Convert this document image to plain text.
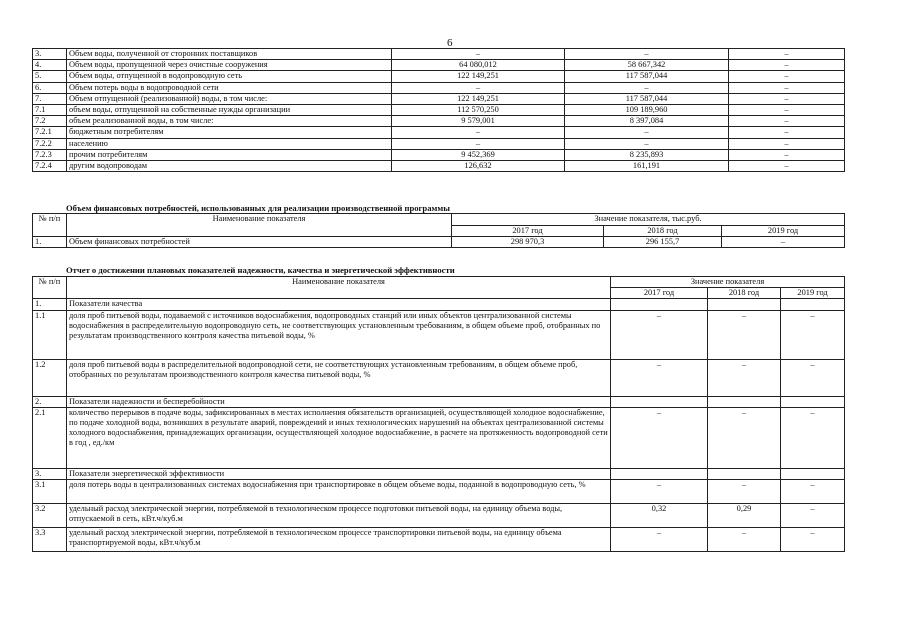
6
3.	Объем воды, полученной от сторонних поставщиков	–	–	–
4.	Объем воды, пропущенной через очистные сооружения	64 080,012	58 667,342	–
5.	Объем воды, отпущенной в водопроводную сеть	122 149,251	117 587,044	–
6.	Объем потерь воды в водопроводной сети	–	–	–
7.	Объем отпущенной (реализованной) воды, в том числе:	122 149,251	117 587,044	–
7.1	объем воды, отпущенной на собственные нужды организации	112 570,250	109 189,960	–
7.2	объем реализованной воды, в том числе:	9 579,001	8 397,084	–
7.2.1	бюджетным потребителям	–	–	–
7.2.2	населению	–	–	–
7.2.3	прочим потребителям	9 452,369	8 235,893	–
7.2.4	другим водопроводам	126,632	161,191	–
Объем финансовых потребностей, использованных для реализации производственной программы
№ п/п	Наименование показателя	Значение показателя, тыс.руб.		
		2017 год	2018 год	2019 год
1.	Объем финансовых потребностей	298 970,3	296 155,7	–
Отчет о достижении плановых показателей надежности, качества и энергетической эффективности
№ п/п	Наименование показателя	Значение показателя		
		2017 год	2018 год	2019 год
1.	Показатели качества			
1.1	доля проб питьевой воды, подаваемой с источников водоснабжения, водопроводных станций или иных объектов централизованной системы водоснабжения в распределительную водопроводную сеть, не соответствующих установленным требованиям, в общем объеме проб, отобранных по результатам производственного контроля качества питьевой воды, %	–	–	–
1.2	доля проб питьевой воды в распределительной водопроводной сети, не соответствующих установленным требованиям, в общем объеме проб, отобранных по результатам производственного контроля качества питьевой воды, %	–	–	–
2.	Показатели надежности и бесперебойности			
2.1	количество перерывов в подаче воды, зафиксированных в местах исполнения обязательств организацией, осуществляющей холодное водоснабжение, по подаче холодной воды, возникших в результате аварий, повреждений и иных технологических нарушений на объектах централизованной системы холодного водоснабжения, принадлежащих организации, осуществляющей холодное водоснабжение, в расчете на протяженность водопроводной сети в год , ед./км	–	–	–
3.	Показатели энергетической эффективности			
3.1	доля потерь воды в централизованных системах водоснабжения при транспортировке в общем объеме воды, поданной в водопроводную сеть, %	–	–	–
3.2	удельный расход электрической энергии, потребляемой в технологическом процессе подготовки питьевой воды, на единицу объема воды, отпускаемой в сеть, кВт.ч/куб.м	0,32	0,29	–
3.3	удельный расход электрической энергии, потребляемой в технологическом процессе транспортировки питьевой воды, на единицу объема транспортируемой воды, кВт.ч/куб.м	–	–	–
